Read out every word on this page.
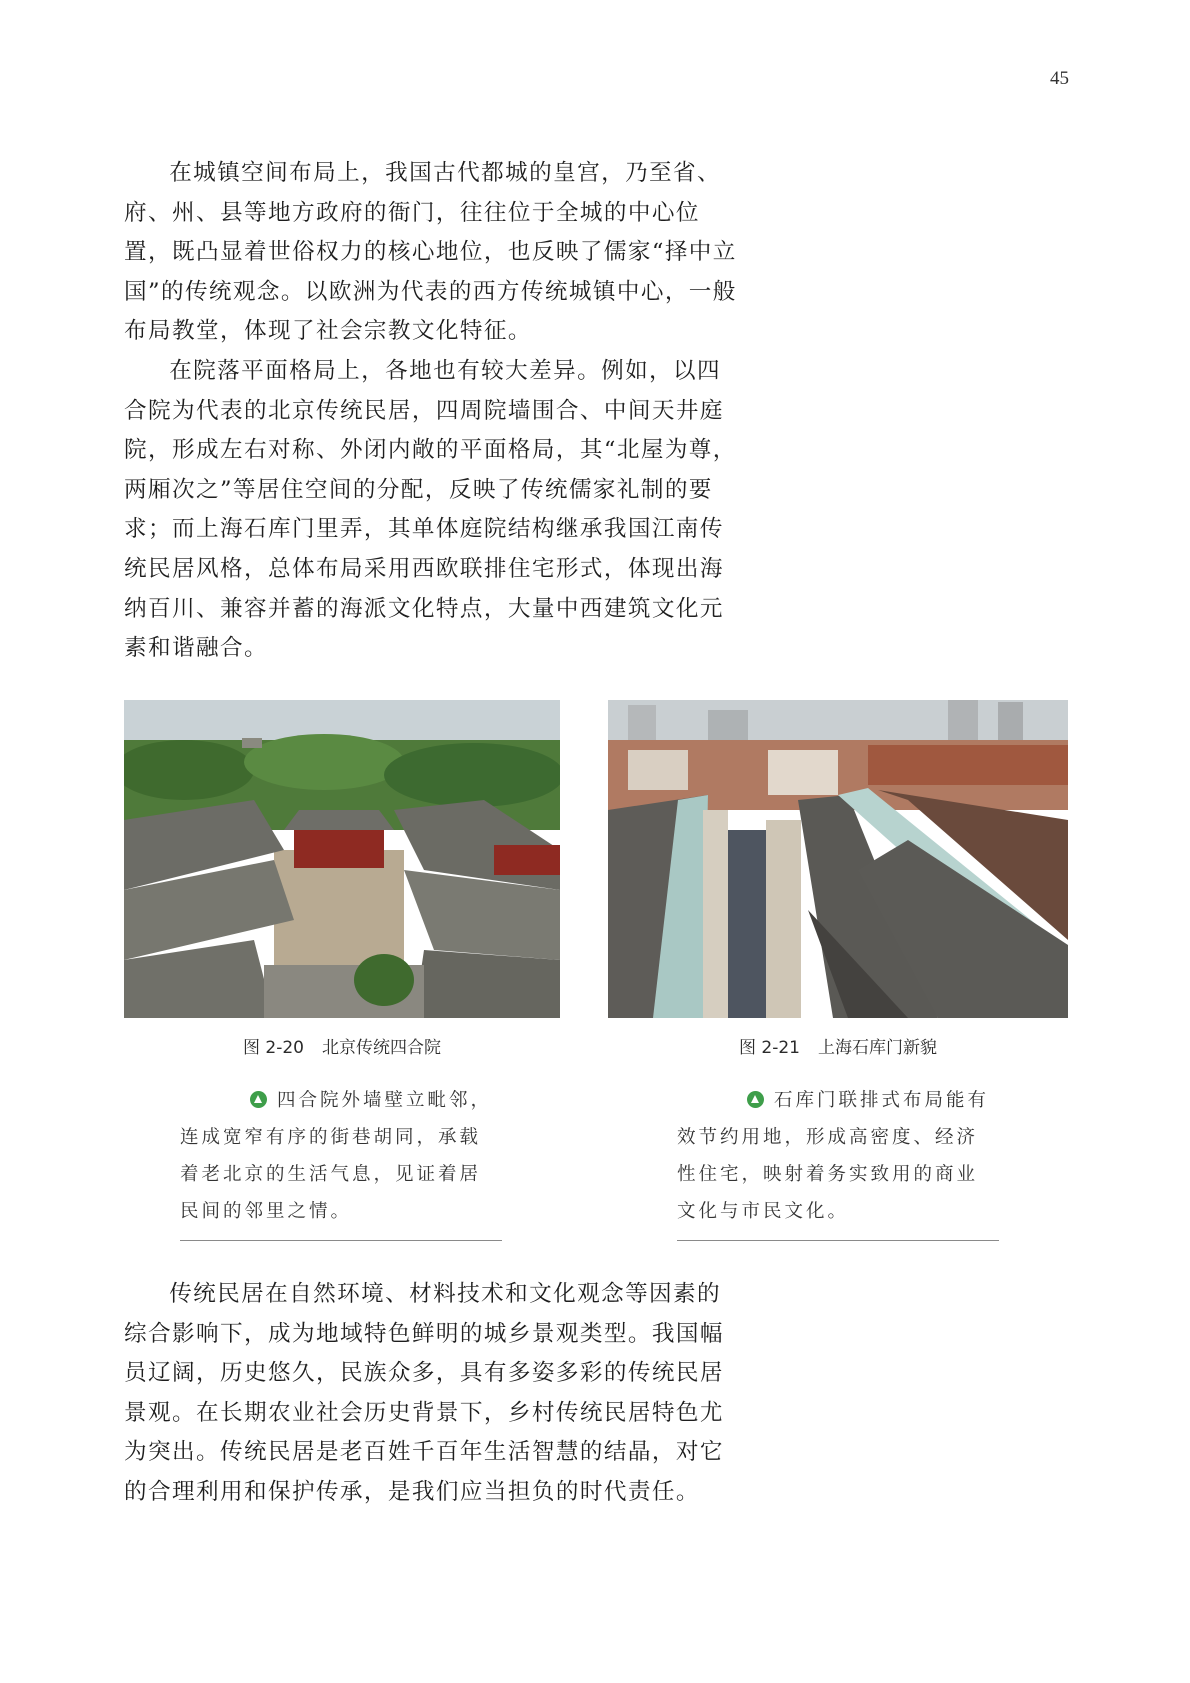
45

在城镇空间布局上，我国古代都城的皇宫，乃至省、府、州、县等地方政府的衙门，往往位于全城的中心位置，既凸显着世俗权力的核心地位，也反映了儒家“择中立国”的传统观念。以欧洲为代表的西方传统城镇中心，一般布局教堂，体现了社会宗教文化特征。

在院落平面格局上，各地也有较大差异。例如，以四合院为代表的北京传统民居，四周院墙围合、中间天井庭院，形成左右对称、外闭内敞的平面格局，其“北屋为尊，两厢次之”等居住空间的分配，反映了传统儒家礼制的要求；而上海石库门里弄，其单体庭院结构继承我国江南传统民居风格，总体布局采用西欧联排住宅形式，体现出海纳百川、兼容并蓄的海派文化特点，大量中西建筑文化元素和谐融合。

图 2-20 北京传统四合院	图 2-21 上海石库门新貌
四合院外墙壁立毗邻，连成宽窄有序的街巷胡同，承载着老北京的生活气息，见证着居民间的邻里之情。
石库门联排式布局能有效节约用地，形成高密度、经济性住宅，映射着务实致用的商业文化与市民文化。

传统民居在自然环境、材料技术和文化观念等因素的综合影响下，成为地域特色鲜明的城乡景观类型。我国幅员辽阔，历史悠久，民族众多，具有多姿多彩的传统民居景观。在长期农业社会历史背景下，乡村传统民居特色尤为突出。传统民居是老百姓千百年生活智慧的结晶，对它的合理利用和保护传承，是我们应当担负的时代责任。
